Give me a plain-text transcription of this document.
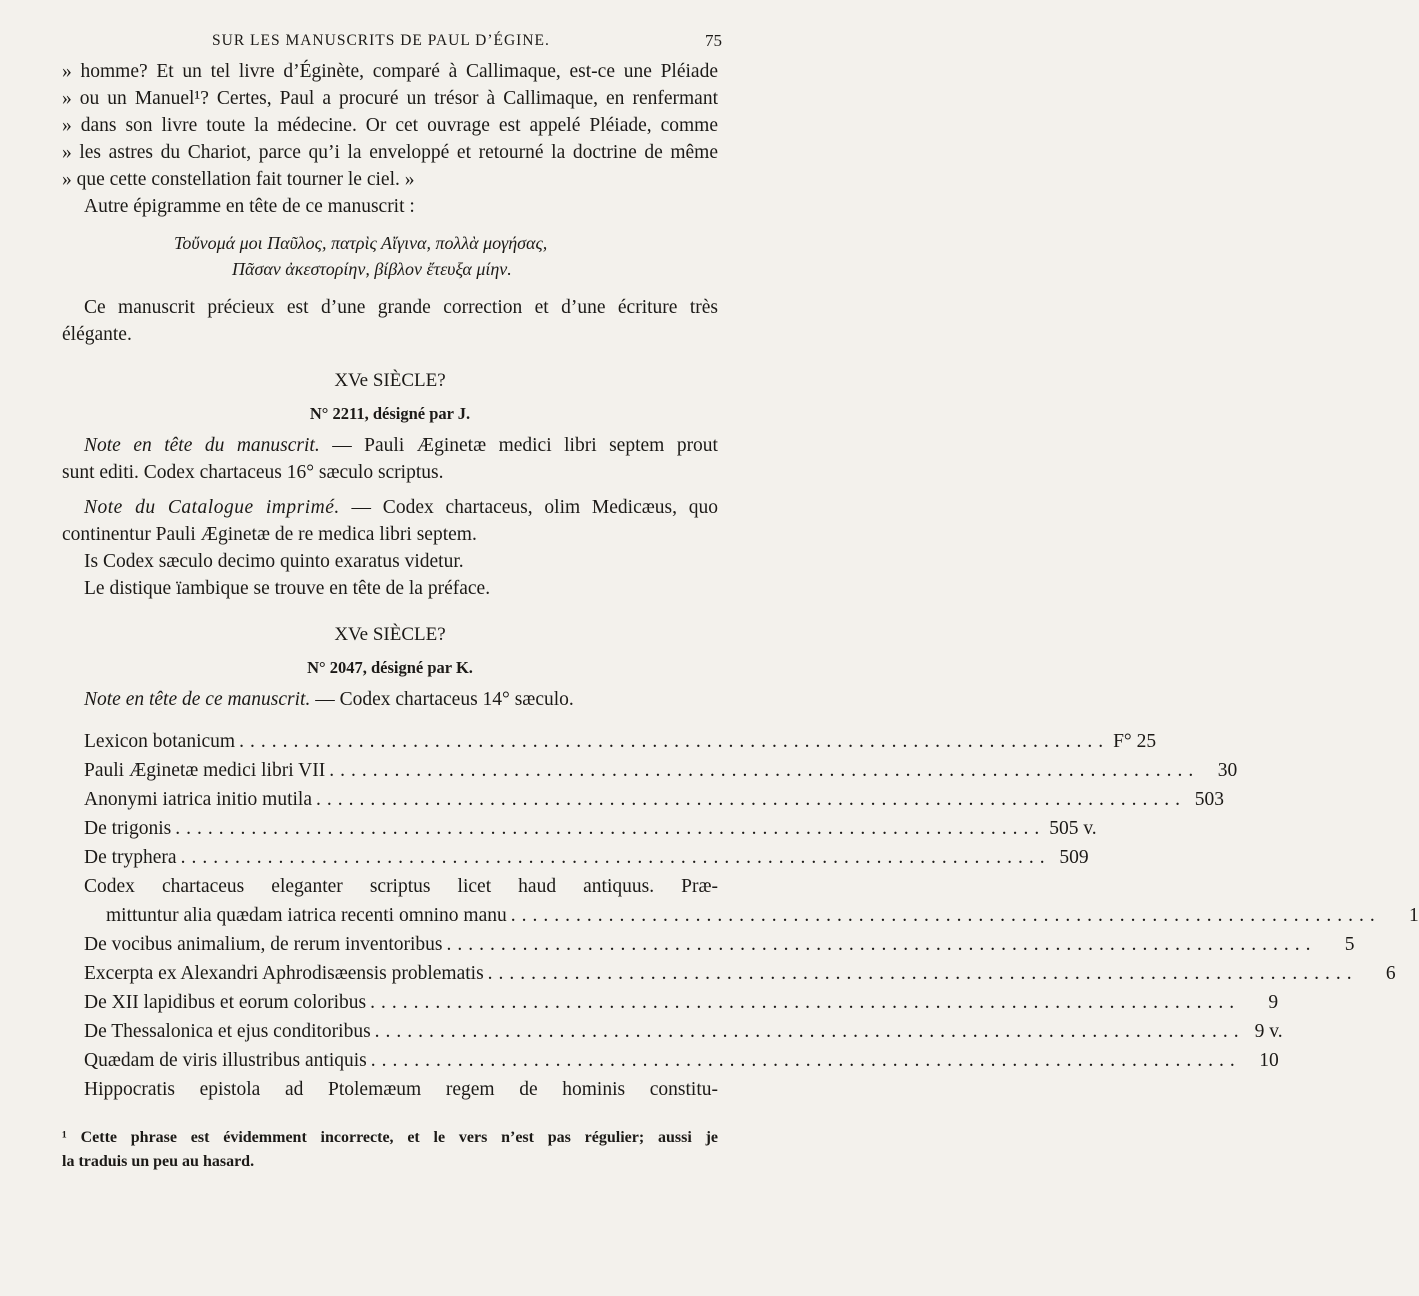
SUR LES MANUSCRITS DE PAUL D’ÉGINE.	75
» homme? Et un tel livre d’Éginète, comparé à Callimaque, est-ce une Pléiade
» ou un Manuel¹? Certes, Paul a procuré un trésor à Callimaque, en renfermant
» dans son livre toute la médecine. Or cet ouvrage est appelé Pléiade, comme
» les astres du Chariot, parce qu’i la enveloppé et retourné la doctrine de même
» que cette constellation fait tourner le ciel. »
Autre épigramme en tête de ce manuscrit :
Τοὔνομά μοι Παῦλος, πατρὶς Αἴγινα, πολλὰ μογήσας,
Πᾶσαν ἀκεστορίην, βίβλον ἔτευξα μίην.
Ce manuscrit précieux est d’une grande correction et d’une écriture très
élégante.
XVe SIÈCLE?
N° 2211, désigné par J.
Note en tête du manuscrit. — Pauli Æginetæ medici libri septem prout
sunt editi. Codex chartaceus 16° sæculo scriptus.
Note du Catalogue imprimé. — Codex chartaceus, olim Medicæus, quo
continentur Pauli Æginetæ de re medica libri septem.
Is Codex sæculo decimo quinto exaratus videtur.
Le distique ïambique se trouve en tête de la préface.
XVe SIÈCLE?
N° 2047, désigné par K.
Note en tête de ce manuscrit. — Codex chartaceus 14° sæculo.
Lexicon botanicum ................................................................................ F° 25
Pauli Æginetæ medici libri VII ................................................................................ 30
Anonymi iatrica initio mutila ................................................................................ 503
De trigonis ................................................................................ 505 v.
De tryphera ................................................................................ 509
Codex chartaceus eleganter scriptus licet haud antiquus. Præ-
mittuntur alia quædam iatrica recenti omnino manu ................................................................................	1
De vocibus animalium, de rerum inventoribus ................................................................................	5
Excerpta ex Alexandri Aphrodisæensis problematis ................................................................................	6
De XII lapidibus et eorum coloribus ................................................................................	9
De Thessalonica et ejus conditoribus ................................................................................ 9 v.
Quædam de viris illustribus antiquis ................................................................................ 10
Hippocratis epistola ad Ptolemæum regem de hominis constitu-
¹ Cette phrase est évidemment incorrecte, et le vers n’est pas régulier; aussi je
la traduis un peu au hasard.
